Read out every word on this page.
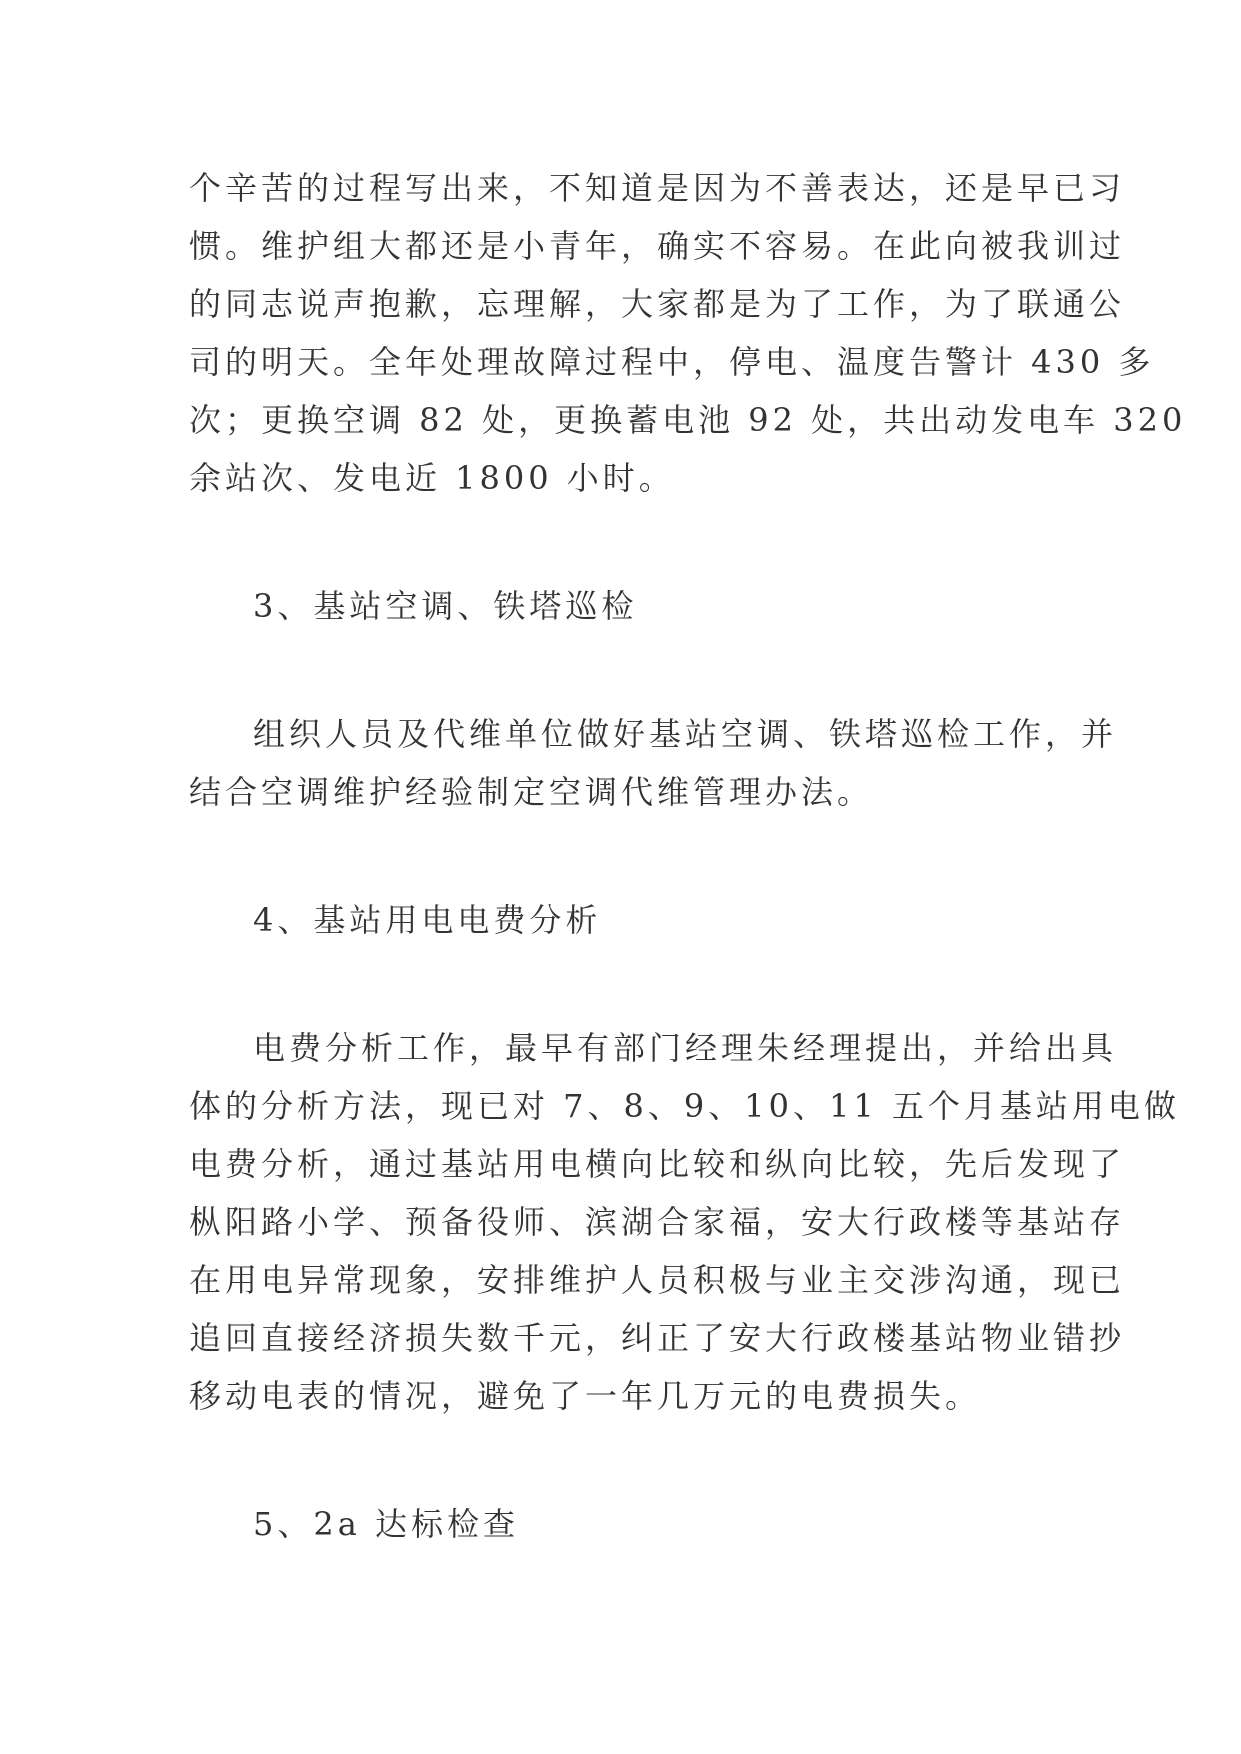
个辛苦的过程写出来，不知道是因为不善表达，还是早已习
惯。维护组大都还是小青年，确实不容易。在此向被我训过
的同志说声抱歉，忘理解，大家都是为了工作，为了联通公
司的明天。全年处理故障过程中，停电、温度告警计 430 多
次；更换空调 82 处，更换蓄电池 92 处，共出动发电车 320
余站次、发电近 1800 小时。
3、基站空调、铁塔巡检
组织人员及代维单位做好基站空调、铁塔巡检工作，并
结合空调维护经验制定空调代维管理办法。
4、基站用电电费分析
电费分析工作，最早有部门经理朱经理提出，并给出具
体的分析方法，现已对 7、8、9、10、11 五个月基站用电做
电费分析，通过基站用电横向比较和纵向比较，先后发现了
枞阳路小学、预备役师、滨湖合家福，安大行政楼等基站存
在用电异常现象，安排维护人员积极与业主交涉沟通，现已
追回直接经济损失数千元，纠正了安大行政楼基站物业错抄
移动电表的情况，避免了一年几万元的电费损失。
5、2a 达标检查
